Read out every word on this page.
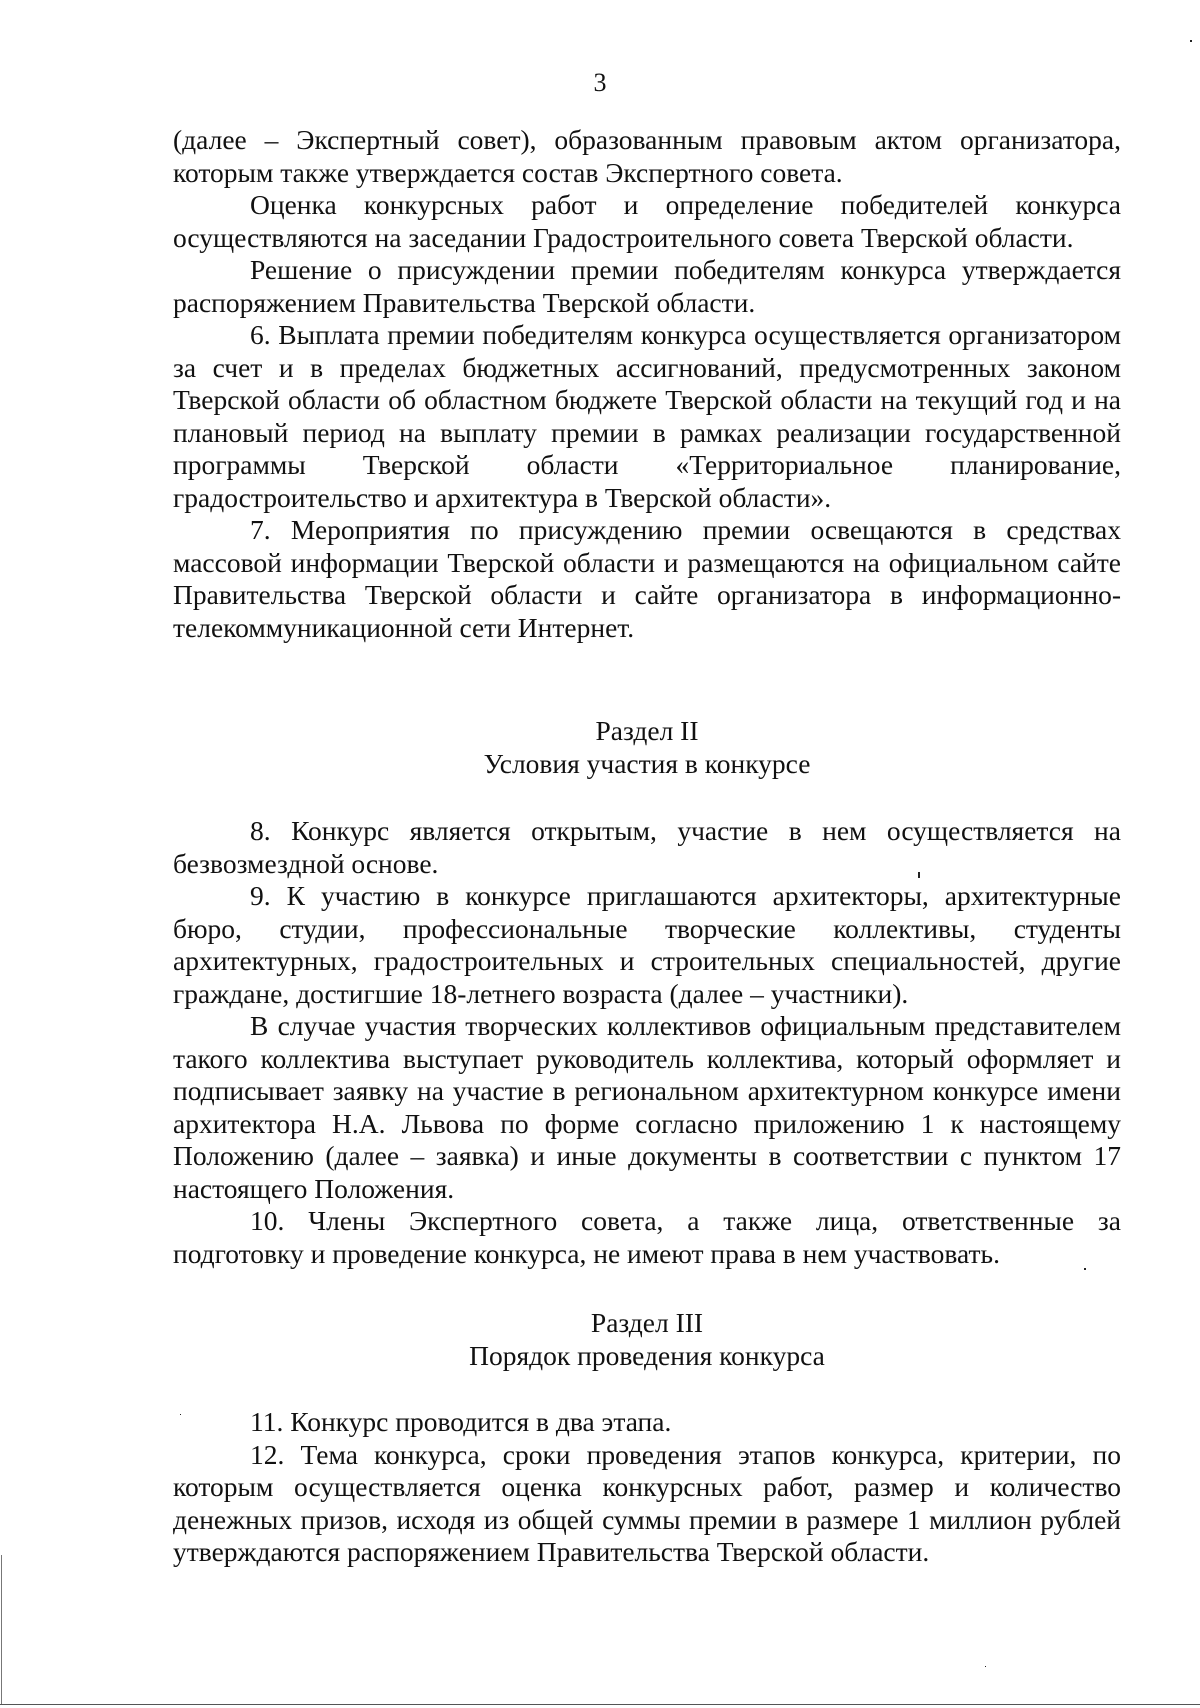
3

(далее – Экспертный совет), образованным правовым актом организатора, которым также утверждается состав Экспертного совета.

Оценка конкурсных работ и определение победителей конкурса осуществляются на заседании Градостроительного совета Тверской области.

Решение о присуждении премии победителям конкурса утверждается распоряжением Правительства Тверской области.

6. Выплата премии победителям конкурса осуществляется организатором за счет и в пределах бюджетных ассигнований, предусмотренных законом Тверской области об областном бюджете Тверской области на текущий год и на плановый период на выплату премии в рамках реализации государственной программы Тверской области «Территориальное планирование, градостроительство и архитектура в Тверской области».

7. Мероприятия по присуждению премии освещаются в средствах массовой информации Тверской области и размещаются на официальном сайте Правительства Тверской области и сайте организатора в информационно-телекоммуникационной сети Интернет.

Раздел II
Условия участия в конкурсе

8. Конкурс является открытым, участие в нем осуществляется на безвозмездной основе.

9. К участию в конкурсе приглашаются архитекторы, архитектурные бюро, студии, профессиональные творческие коллективы, студенты архитектурных, градостроительных и строительных специальностей, другие граждане, достигшие 18-летнего возраста (далее – участники).

В случае участия творческих коллективов официальным представителем такого коллектива выступает руководитель коллектива, который оформляет и подписывает заявку на участие в региональном архитектурном конкурсе имени архитектора Н.А. Львова по форме согласно приложению 1 к настоящему Положению (далее – заявка) и иные документы в соответствии с пунктом 17 настоящего Положения.

10. Члены Экспертного совета, а также лица, ответственные за подготовку и проведение конкурса, не имеют права в нем участвовать.

Раздел III
Порядок проведения конкурса

11. Конкурс проводится в два этапа.

12. Тема конкурса, сроки проведения этапов конкурса, критерии, по которым осуществляется оценка конкурсных работ, размер и количество денежных призов, исходя из общей суммы премии в размере 1 миллион рублей утверждаются распоряжением Правительства Тверской области.
